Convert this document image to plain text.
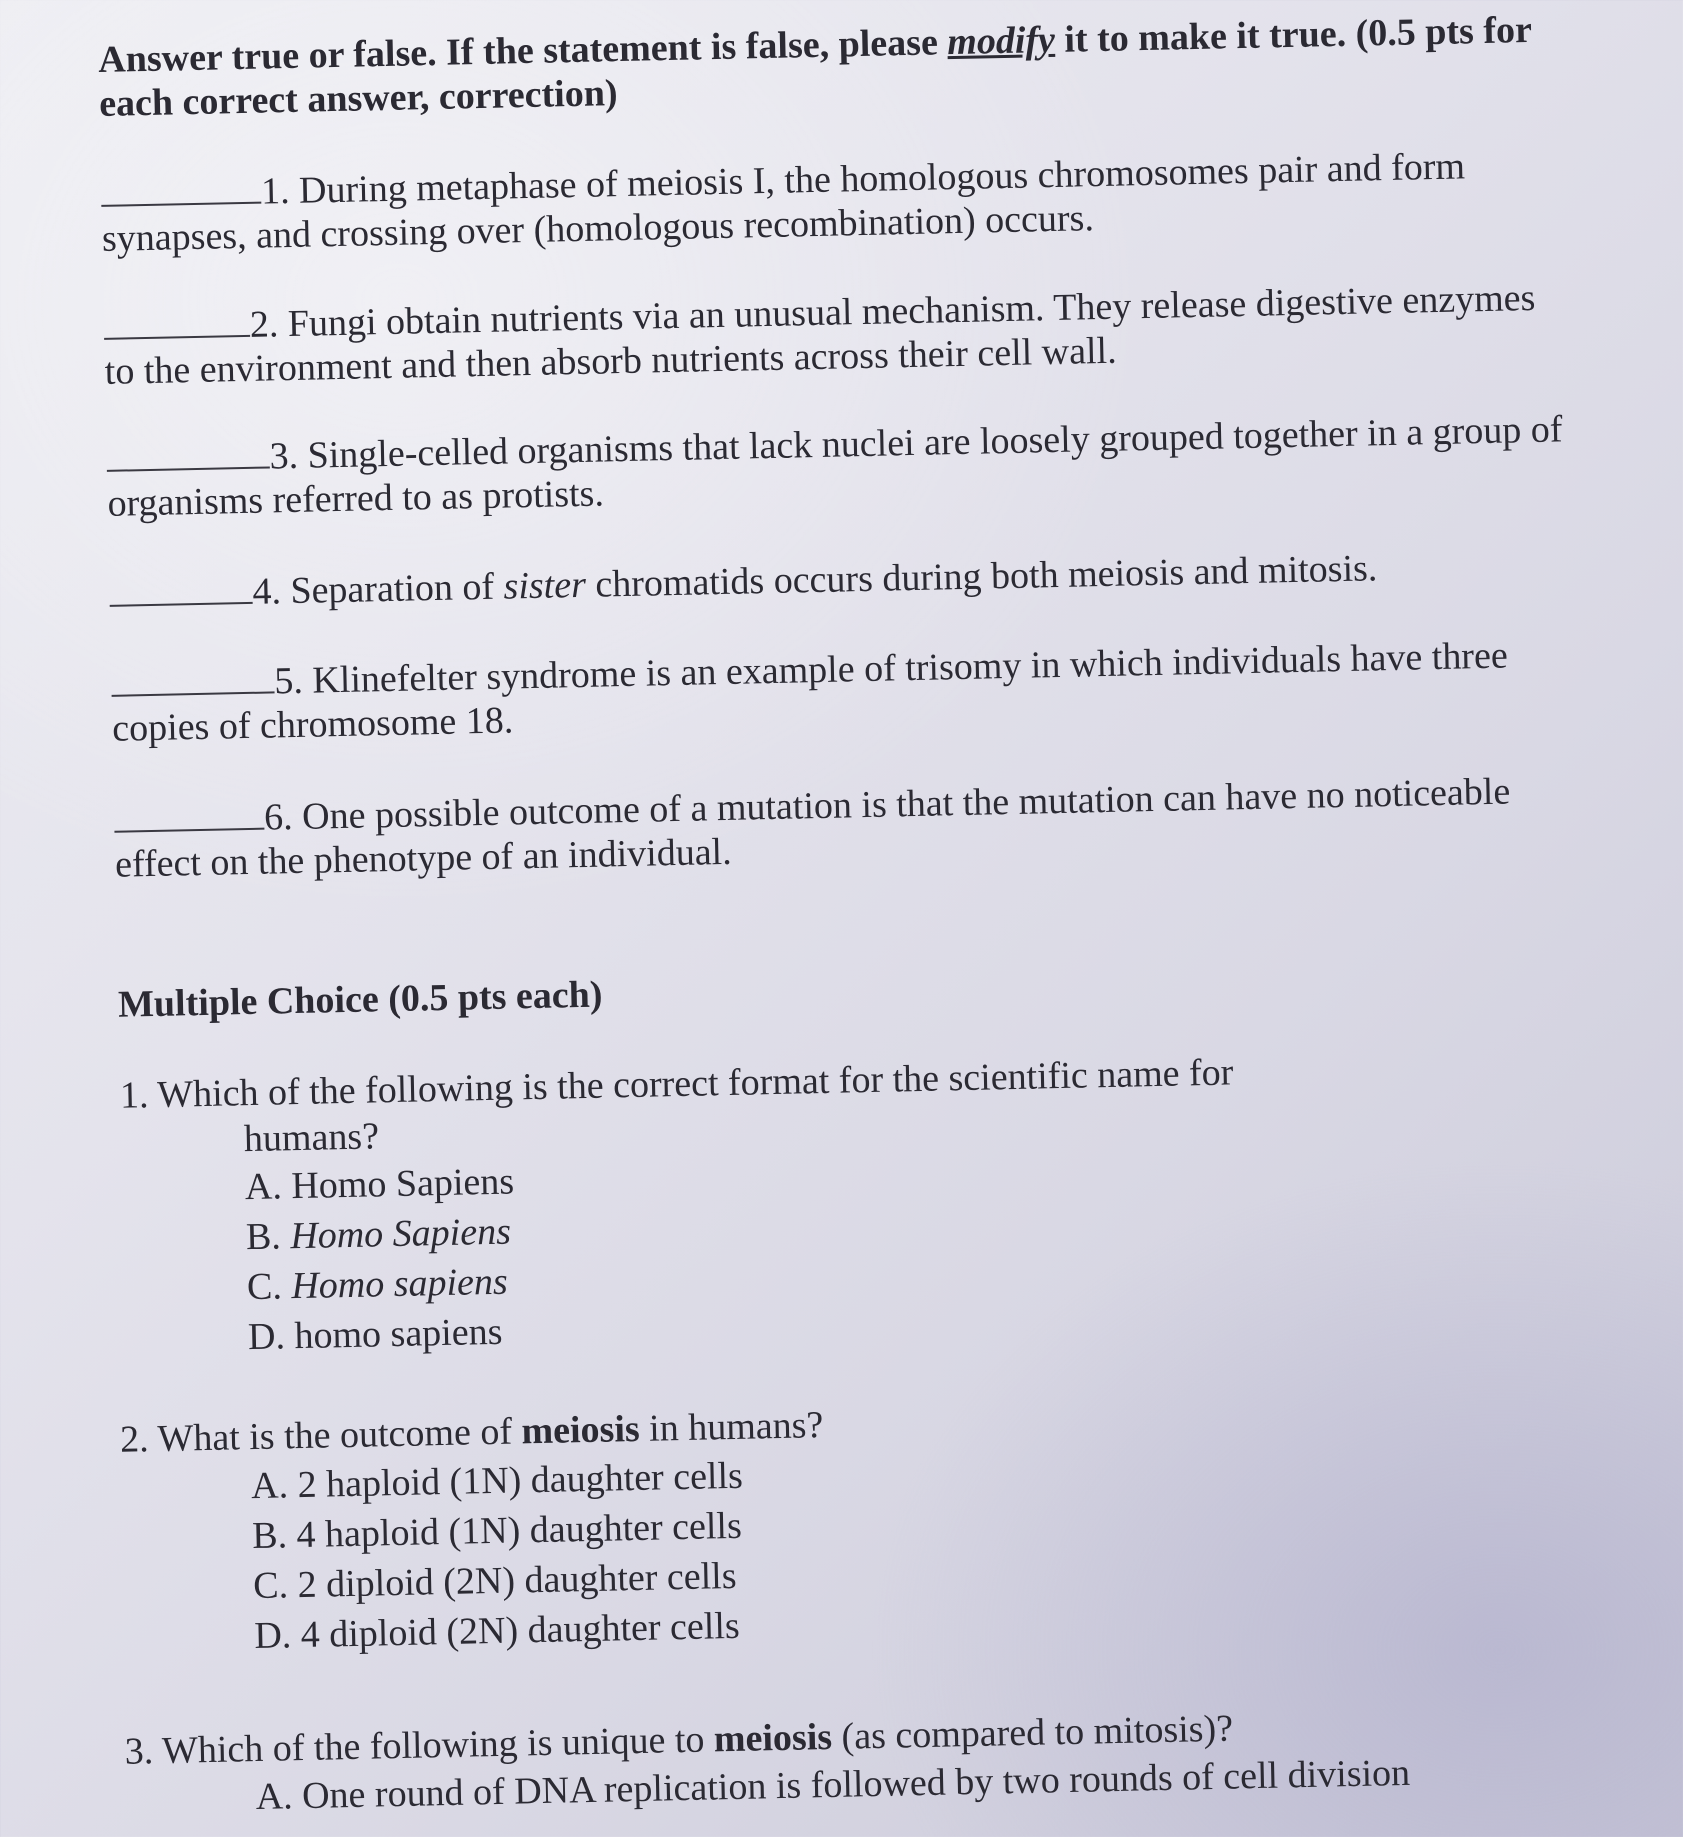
Answer true or false. If the statement is false, please modify it to make it true. (0.5 pts for
each correct answer, correction)
1. During metaphase of meiosis I, the homologous chromosomes pair and form
synapses, and crossing over (homologous recombination) occurs.
2. Fungi obtain nutrients via an unusual mechanism. They release digestive enzymes
to the environment and then absorb nutrients across their cell wall.
3. Single-celled organisms that lack nuclei are loosely grouped together in a group of
organisms referred to as protists.
4. Separation of sister chromatids occurs during both meiosis and mitosis.
5. Klinefelter syndrome is an example of trisomy in which individuals have three
copies of chromosome 18.
6. One possible outcome of a mutation is that the mutation can have no noticeable
effect on the phenotype of an individual.
Multiple Choice (0.5 pts each)
1. Which of the following is the correct format for the scientific name for
humans?
A. Homo Sapiens
B. Homo Sapiens
C. Homo sapiens
D. homo sapiens
2. What is the outcome of meiosis in humans?
A. 2 haploid (1N) daughter cells
B. 4 haploid (1N) daughter cells
C. 2 diploid (2N) daughter cells
D. 4 diploid (2N) daughter cells
3. Which of the following is unique to meiosis (as compared to mitosis)?
A. One round of DNA replication is followed by two rounds of cell division
